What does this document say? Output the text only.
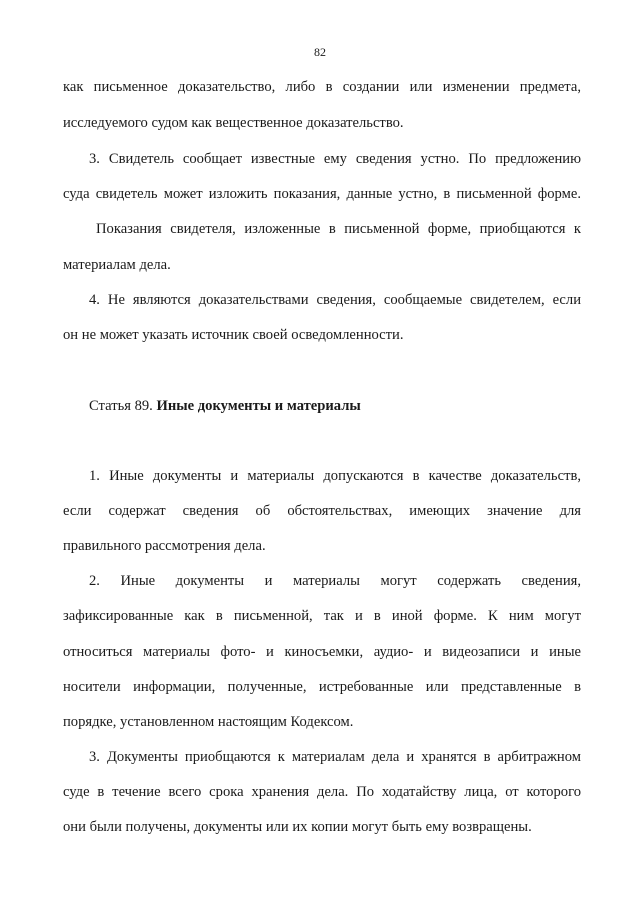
82
как письменное доказательство, либо в создании или изменении предмета,
исследуемого судом как вещественное доказательство.
3. Свидетель сообщает известные ему сведения устно. По предложению
суда свидетель может изложить показания, данные устно, в письменной форме.
Показания свидетеля, изложенные в письменной форме, приобщаются к
материалам дела.
4. Не являются доказательствами сведения, сообщаемые свидетелем, если
он не может указать источник своей осведомленности.
Статья 89. Иные документы и материалы
1. Иные документы и материалы допускаются в качестве доказательств,
если содержат сведения об обстоятельствах, имеющих значение для
правильного рассмотрения дела.
2. Иные документы и материалы могут содержать сведения,
зафиксированные как в письменной, так и в иной форме. К ним могут
относиться материалы фото- и киносъемки, аудио- и видеозаписи и иные
носители информации, полученные, истребованные или представленные в
порядке, установленном настоящим Кодексом.
3. Документы приобщаются к материалам дела и хранятся в арбитражном
суде в течение всего срока хранения дела. По ходатайству лица, от которого
они были получены, документы или их копии могут быть ему возвращены.
